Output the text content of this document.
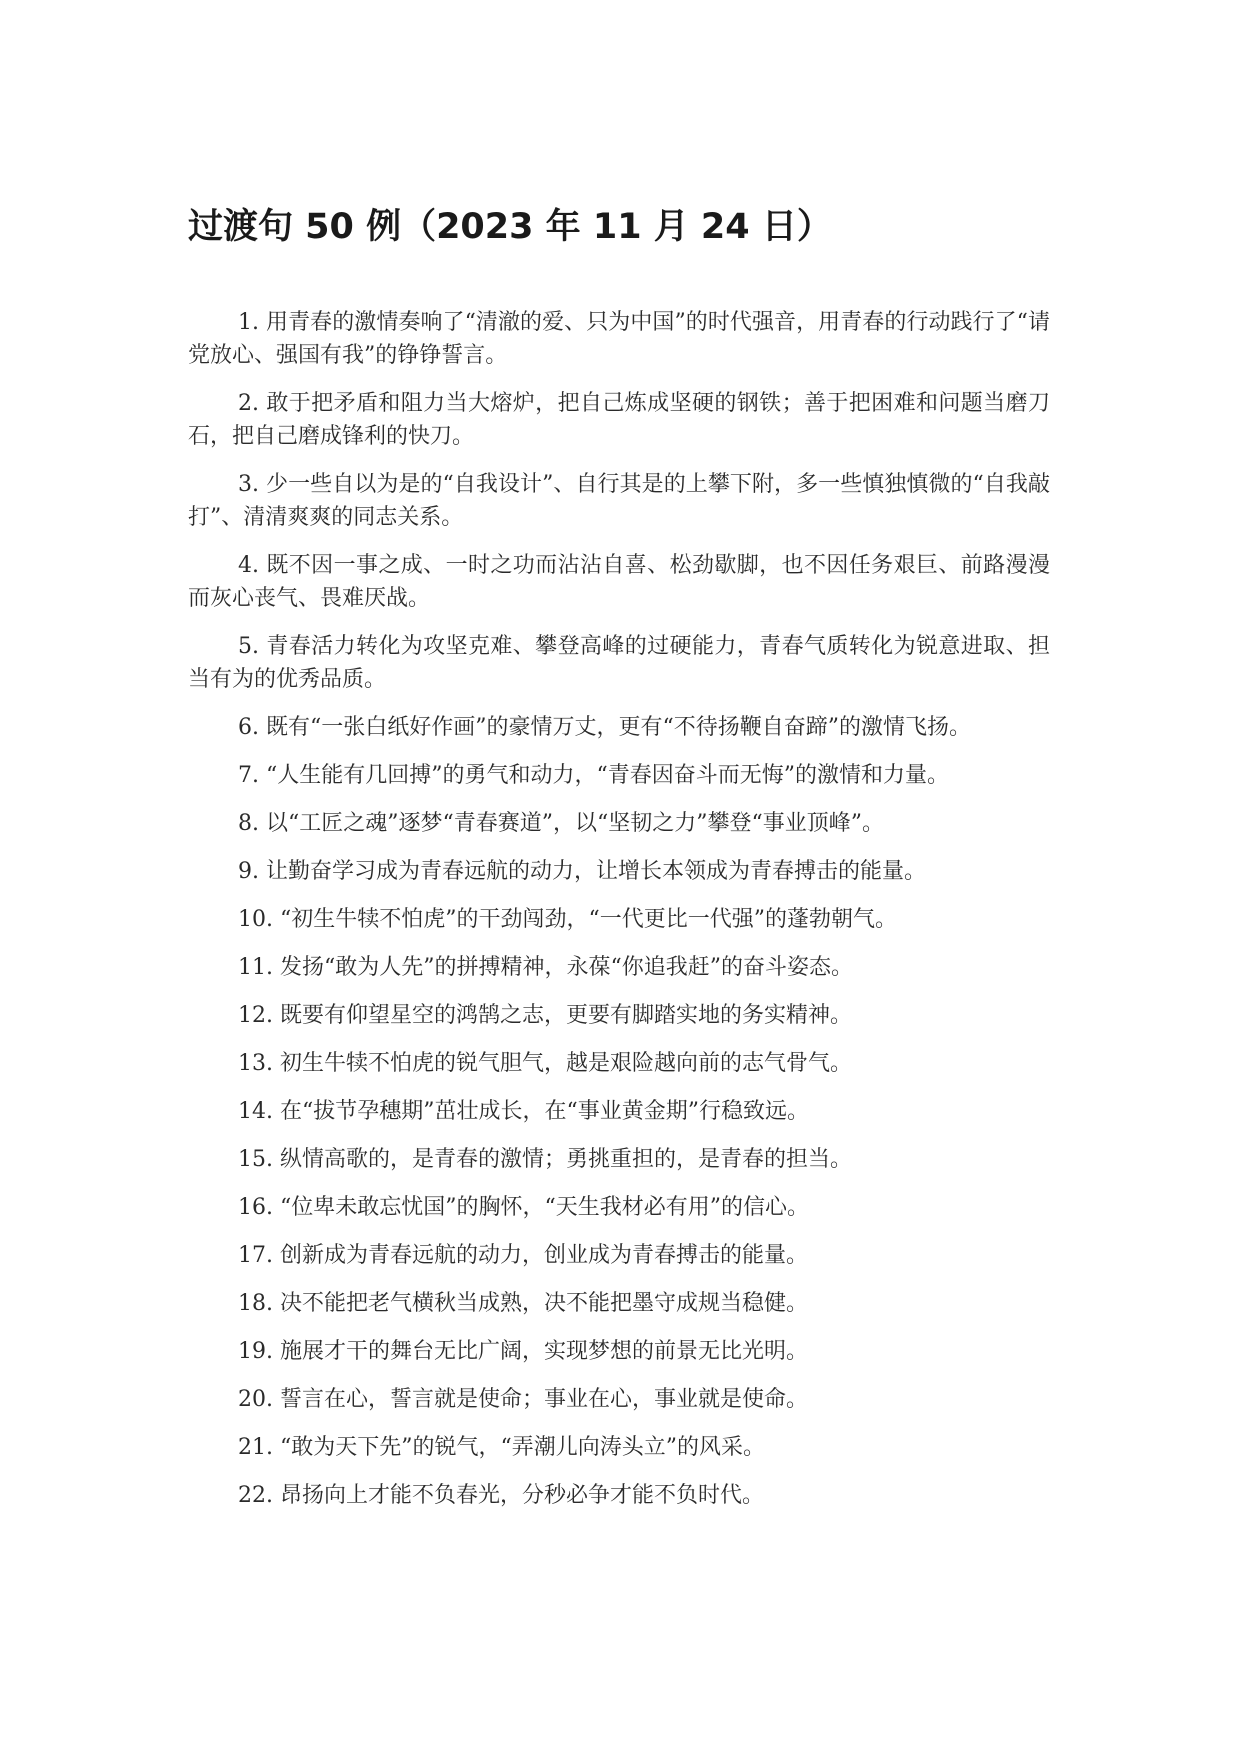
过渡句 50 例（2023 年 11 月 24 日）
1. 用青春的激情奏响了“清澈的爱、只为中国”的时代强音，用青春的行动践行了“请党放心、强国有我”的铮铮誓言。
2. 敢于把矛盾和阻力当大熔炉，把自己炼成坚硬的钢铁；善于把困难和问题当磨刀石，把自己磨成锋利的快刀。
3. 少一些自以为是的“自我设计”、自行其是的上攀下附，多一些慎独慎微的“自我敲打”、清清爽爽的同志关系。
4. 既不因一事之成、一时之功而沾沾自喜、松劲歇脚，也不因任务艰巨、前路漫漫而灰心丧气、畏难厌战。
5. 青春活力转化为攻坚克难、攀登高峰的过硬能力，青春气质转化为锐意进取、担当有为的优秀品质。
6. 既有“一张白纸好作画”的豪情万丈，更有“不待扬鞭自奋蹄”的激情飞扬。
7. “人生能有几回搏”的勇气和动力，“青春因奋斗而无悔”的激情和力量。
8. 以“工匠之魂”逐梦“青春赛道”，以“坚韧之力”攀登“事业顶峰”。
9. 让勤奋学习成为青春远航的动力，让增长本领成为青春搏击的能量。
10. “初生牛犊不怕虎”的干劲闯劲，“一代更比一代强”的蓬勃朝气。
11. 发扬“敢为人先”的拼搏精神，永葆“你追我赶”的奋斗姿态。
12. 既要有仰望星空的鸿鹄之志，更要有脚踏实地的务实精神。
13. 初生牛犊不怕虎的锐气胆气，越是艰险越向前的志气骨气。
14. 在“拔节孕穗期”茁壮成长，在“事业黄金期”行稳致远。
15. 纵情高歌的，是青春的激情；勇挑重担的，是青春的担当。
16. “位卑未敢忘忧国”的胸怀，“天生我材必有用”的信心。
17. 创新成为青春远航的动力，创业成为青春搏击的能量。
18. 决不能把老气横秋当成熟，决不能把墨守成规当稳健。
19. 施展才干的舞台无比广阔，实现梦想的前景无比光明。
20. 誓言在心，誓言就是使命；事业在心，事业就是使命。
21. “敢为天下先”的锐气，“弄潮儿向涛头立”的风采。
22. 昂扬向上才能不负春光，分秒必争才能不负时代。
